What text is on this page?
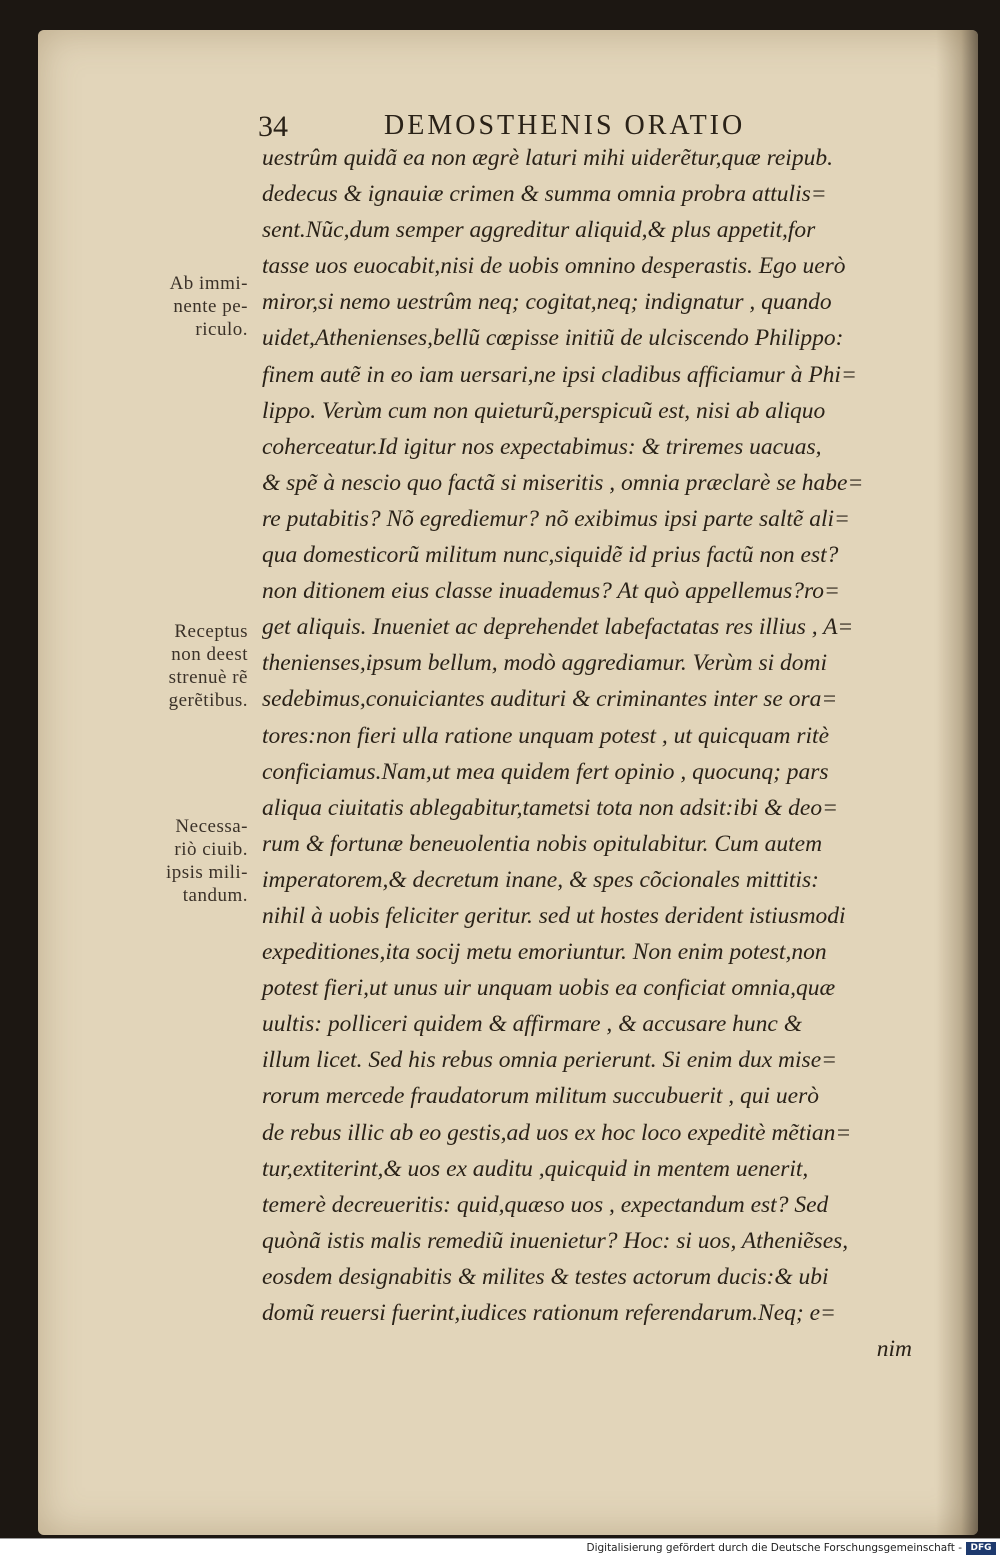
34	DEMOSTHENIS ORATIO
uestrûm quidã ea non ægrè laturi mihi uiderẽtur,quæ reipub.
dedecus & ignauiæ crimen & summa omnia probra attulis=
sent.Nũc,dum semper aggreditur aliquid,& plus appetit,for
tasse uos euocabit,nisi de uobis omnino desperastis. Ego uerò
miror,si nemo uestrûm neq; cogitat,neq; indignatur , quando
uidet,Athenienses,bellũ cœpisse initiũ de ulciscendo Philippo:
finem autẽ in eo iam uersari,ne ipsi cladibus afficiamur à Phi=
lippo. Verùm cum non quieturũ,perspicuũ est, nisi ab aliquo
coherceatur.Id igitur nos expectabimus: & triremes uacuas,
& spẽ à nescio quo factã si miseritis , omnia præclarè se habe=
re putabitis? Nõ egrediemur? nõ exibimus ipsi parte saltẽ ali=
qua domesticorũ militum nunc,siquidẽ id prius factũ non est?
non ditionem eius classe inuademus? At quò appellemus?ro=
get aliquis. Inueniet ac deprehendet labefactatas res illius , A=
thenienses,ipsum bellum, modò aggrediamur. Verùm si domi
sedebimus,conuiciantes audituri & criminantes inter se ora=
tores:non fieri ulla ratione unquam potest , ut quicquam ritè
conficiamus.Nam,ut mea quidem fert opinio , quocunq; pars
aliqua ciuitatis ablegabitur,tametsi tota non adsit:ibi & deo=
rum & fortunæ beneuolentia nobis opitulabitur. Cum autem
imperatorem,& decretum inane, & spes cõcionales mittitis:
nihil à uobis feliciter geritur. sed ut hostes derident istiusmodi
expeditiones,ita socij metu emoriuntur. Non enim potest,non
potest fieri,ut unus uir unquam uobis ea conficiat omnia,quæ
uultis: polliceri quidem & affirmare , & accusare hunc &
illum licet. Sed his rebus omnia perierunt. Si enim dux mise=
rorum mercede fraudatorum militum succubuerit , qui uerò
de rebus illic ab eo gestis,ad uos ex hoc loco expeditè mẽtian=
tur,extiterint,& uos ex auditu ,quicquid in mentem uenerit,
temerè decreueritis: quid,quæso uos , expectandum est? Sed
quònã istis malis remediũ inuenietur? Hoc: si uos, Atheniẽses,
eosdem designabitis & milites & testes actorum ducis:& ubi
domũ reuersi fuerint,iudices rationum referendarum.Neq; e=
nim
Ab immi-
nente pe-
riculo.
Receptus
non deest
strenuè rẽ
gerẽtibus.
Necessa-
riò ciuib.
ipsis mili-
tandum.
Digitalisierung gefördert durch die Deutsche Forschungsgemeinschaft - DFG
